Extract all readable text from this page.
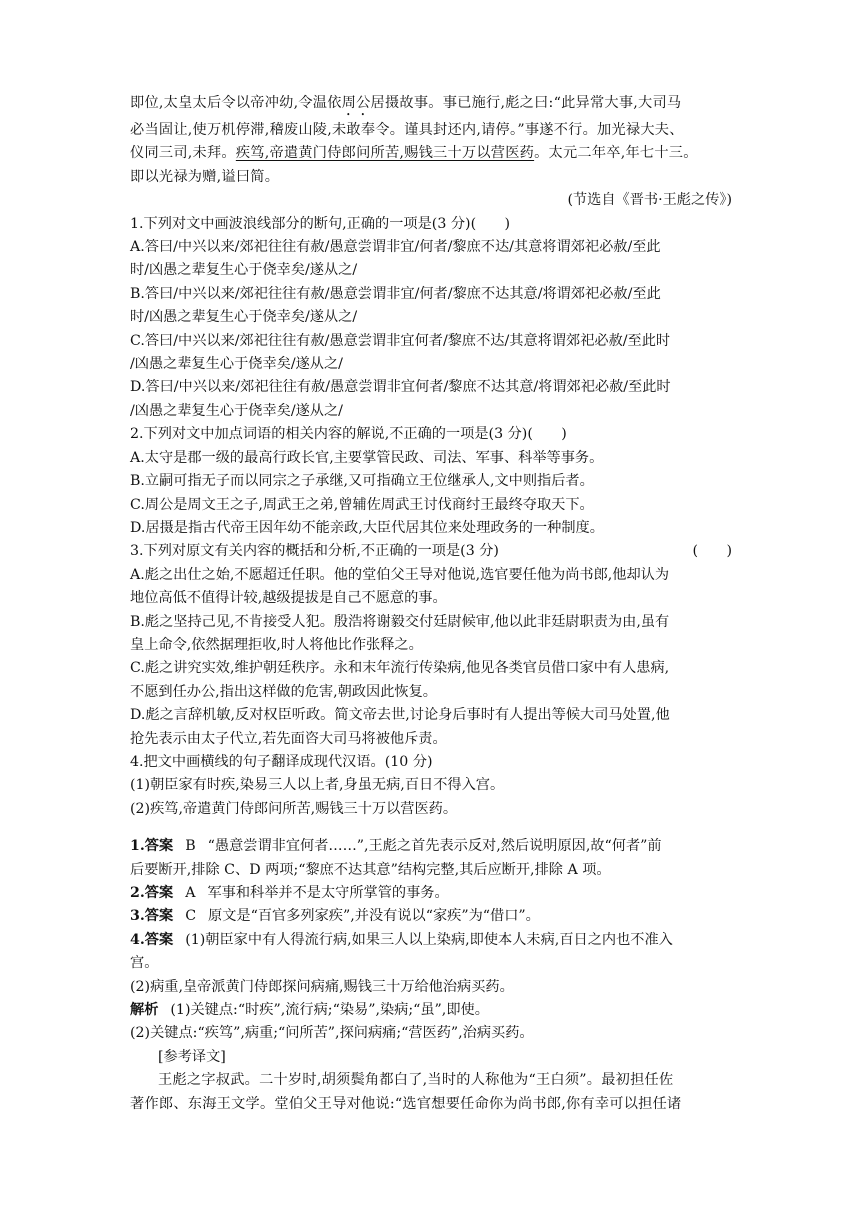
即位,太皇太后令以帝冲幼,令温依周公居摄故事。事已施行,彪之曰:“此异常大事,大司马
必当固让,使万机停滞,稽废山陵,未敢奉令。谨具封还内,请停。”事遂不行。加光禄大夫、
仪同三司,未拜。疾笃,帝遣黄门侍郎问所苦,赐钱三十万以营医药。太元二年卒,年七十三。
即以光禄为赠,谥曰简。
(节选自《晋书·王彪之传》)
1.下列对文中画波浪线部分的断句,正确的一项是(3 分)(　　)
A.答曰/中兴以来/郊祀往往有赦/愚意尝谓非宜/何者/黎庶不达/其意将谓郊祀必赦/至此
时/凶愚之辈复生心于侥幸矣/遂从之/
B.答曰/中兴以来/郊祀往往有赦/愚意尝谓非宜/何者/黎庶不达其意/将谓郊祀必赦/至此
时/凶愚之辈复生心于侥幸矣/遂从之/
C.答曰/中兴以来/郊祀往往有赦/愚意尝谓非宜何者/黎庶不达/其意将谓郊祀必赦/至此时
/凶愚之辈复生心于侥幸矣/遂从之/
D.答曰/中兴以来/郊祀往往有赦/愚意尝谓非宜何者/黎庶不达其意/将谓郊祀必赦/至此时
/凶愚之辈复生心于侥幸矣/遂从之/
2.下列对文中加点词语的相关内容的解说,不正确的一项是(3 分)(　　)
A.太守是郡一级的最高行政长官,主要掌管民政、司法、军事、科举等事务。
B.立嗣可指无子而以同宗之子承继,又可指确立王位继承人,文中则指后者。
C.周公是周文王之子,周武王之弟,曾辅佐周武王讨伐商纣王最终夺取天下。
D.居摄是指古代帝王因年幼不能亲政,大臣代居其位来处理政务的一种制度。
3.下列对原文有关内容的概括和分析,不正确的一项是(3 分)	(　　)
A.彪之出仕之始,不愿超迁任职。他的堂伯父王导对他说,选官要任他为尚书郎,他却认为
地位高低不值得计较,越级提拔是自己不愿意的事。
B.彪之坚持己见,不肯接受人犯。殷浩将谢毅交付廷尉候审,他以此非廷尉职责为由,虽有
皇上命令,依然据理拒收,时人将他比作张释之。
C.彪之讲究实效,维护朝廷秩序。永和末年流行传染病,他见各类官员借口家中有人患病,
不愿到任办公,指出这样做的危害,朝政因此恢复。
D.彪之言辞机敏,反对权臣听政。简文帝去世,讨论身后事时有人提出等候大司马处置,他
抢先表示由太子代立,若先面咨大司马将被他斥责。
4.把文中画横线的句子翻译成现代汉语。(10 分)
(1)朝臣家有时疾,染易三人以上者,身虽无病,百日不得入宫。
(2)疾笃,帝遣黄门侍郎问所苦,赐钱三十万以营医药。
1.答案 B “愚意尝谓非宜何者……”,王彪之首先表示反对,然后说明原因,故“何者”前
后要断开,排除 C、D 两项;“黎庶不达其意”结构完整,其后应断开,排除 A 项。
2.答案 A 军事和科举并不是太守所掌管的事务。
3.答案 C 原文是“百官多列家疾”,并没有说以“家疾”为“借口”。
4.答案 (1)朝臣家中有人得流行病,如果三人以上染病,即使本人未病,百日之内也不准入
宫。
(2)病重,皇帝派黄门侍郎探问病痛,赐钱三十万给他治病买药。
解析 (1)关键点:“时疾”,流行病;“染易”,染病;“虽”,即使。
(2)关键点:“疾笃”,病重;“问所苦”,探问病痛;“营医药”,治病买药。
[参考译文]
王彪之字叔武。二十岁时,胡须鬓角都白了,当时的人称他为“王白须”。最初担任佐
著作郎、东海王文学。堂伯父王导对他说:“选官想要任命你为尚书郎,你有幸可以担任诸
